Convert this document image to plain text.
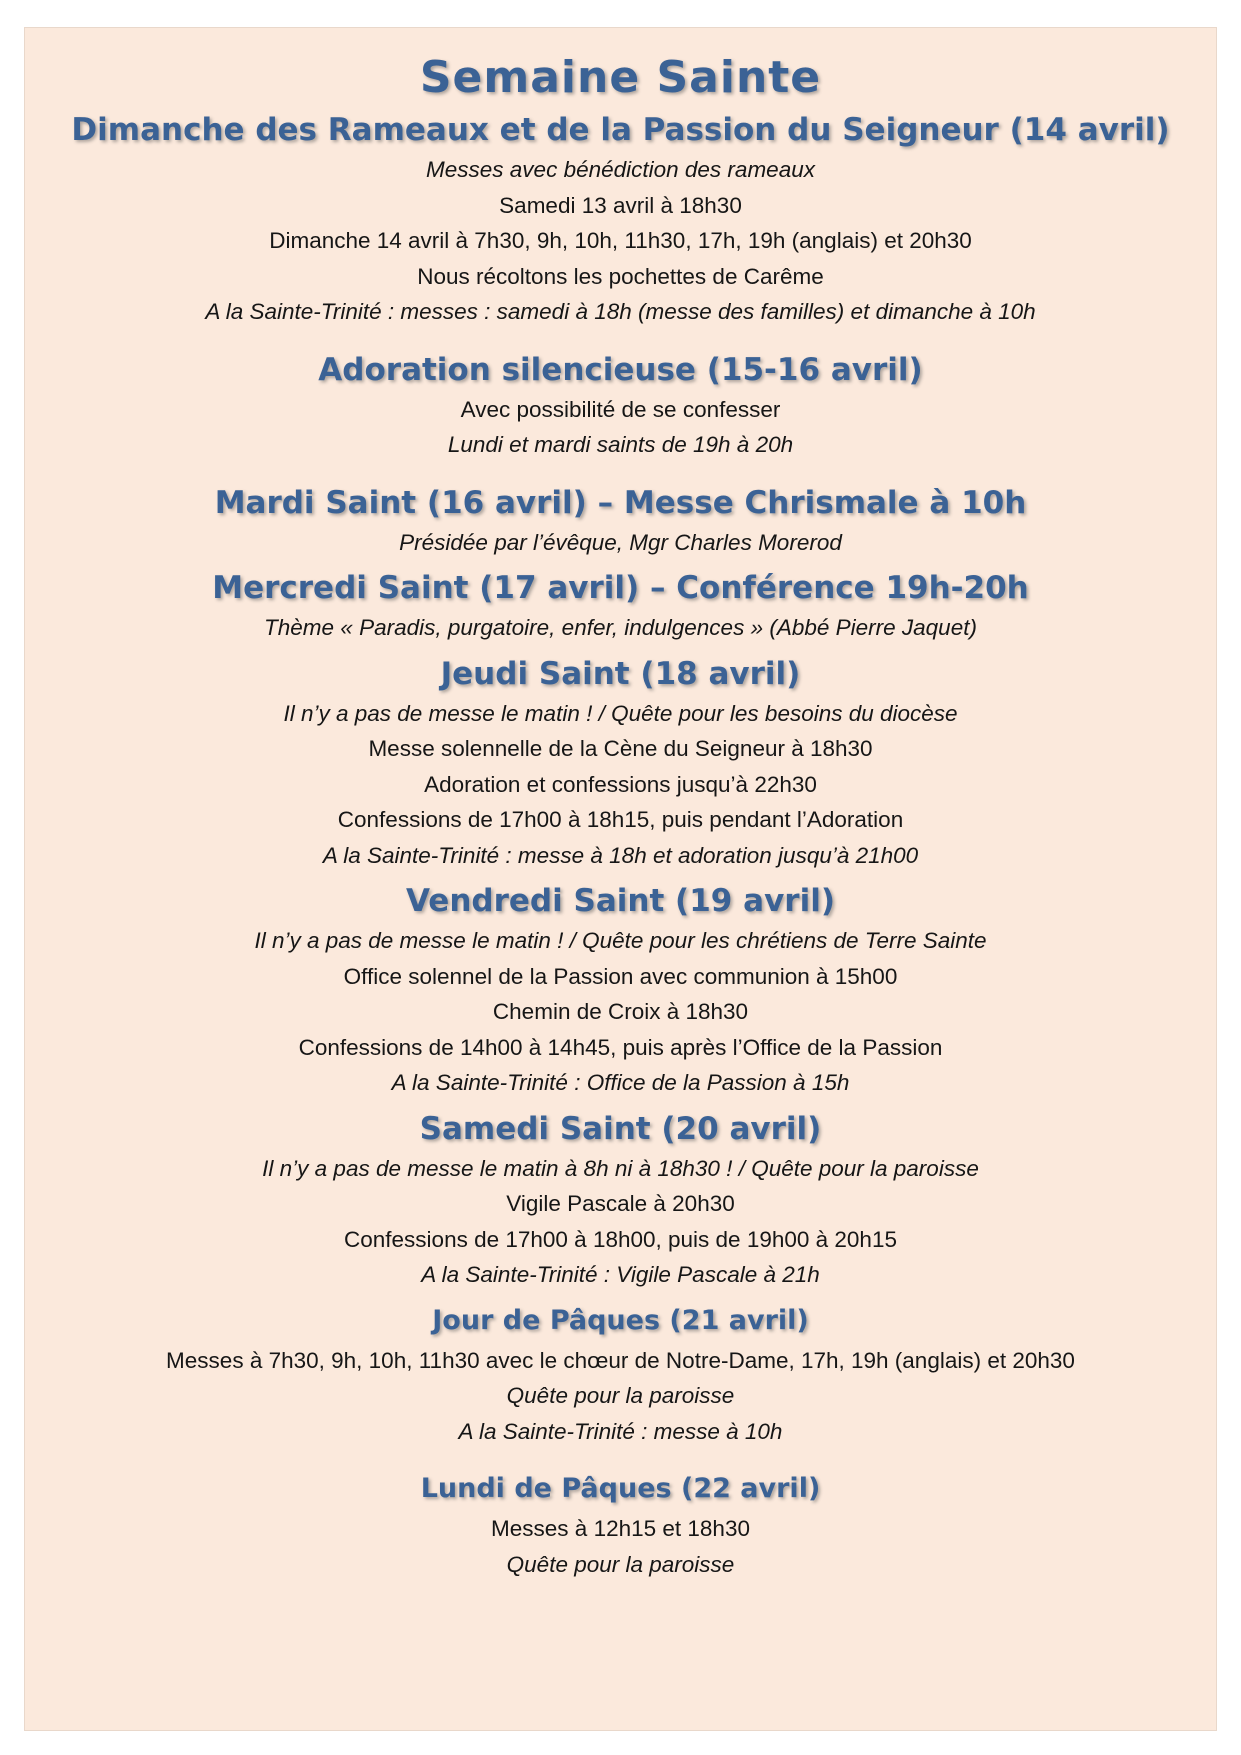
Semaine Sainte
Dimanche des Rameaux et de la Passion du Seigneur (14 avril)
Messes avec bénédiction des rameaux
Samedi 13 avril à 18h30
Dimanche 14 avril à 7h30, 9h, 10h, 11h30, 17h, 19h (anglais) et 20h30
Nous récoltons les pochettes de Carême
A la Sainte-Trinité : messes : samedi à 18h (messe des familles) et dimanche à 10h
Adoration silencieuse (15-16 avril)
Avec possibilité de se confesser
Lundi et mardi saints de 19h à 20h
Mardi Saint (16 avril) – Messe Chrismale à 10h
Présidée par l’évêque, Mgr Charles Morerod
Mercredi Saint (17 avril) – Conférence 19h-20h
Thème « Paradis, purgatoire, enfer, indulgences » (Abbé Pierre Jaquet)
Jeudi Saint (18 avril)
Il n’y a pas de messe le matin ! / Quête pour les besoins du diocèse
Messe solennelle de la Cène du Seigneur à 18h30
Adoration et confessions jusqu’à 22h30
Confessions de 17h00 à 18h15, puis pendant l’Adoration
A la Sainte-Trinité : messe à 18h et adoration jusqu’à 21h00
Vendredi Saint (19 avril)
Il n’y a pas de messe le matin ! / Quête pour les chrétiens de Terre Sainte
Office solennel de la Passion avec communion à 15h00
Chemin de Croix à 18h30
Confessions de 14h00 à 14h45, puis après l’Office de la Passion
A la Sainte-Trinité : Office de la Passion à 15h
Samedi Saint (20 avril)
Il n’y a pas de messe le matin à 8h ni à 18h30 ! / Quête pour la paroisse
Vigile Pascale à 20h30
Confessions de 17h00 à 18h00, puis de 19h00 à 20h15
A la Sainte-Trinité : Vigile Pascale à 21h
Jour de Pâques (21 avril)
Messes à 7h30, 9h, 10h, 11h30 avec le chœur de Notre-Dame, 17h, 19h (anglais) et 20h30
Quête pour la paroisse
A la Sainte-Trinité : messe à 10h
Lundi de Pâques (22 avril)
Messes à 12h15 et 18h30
Quête pour la paroisse
